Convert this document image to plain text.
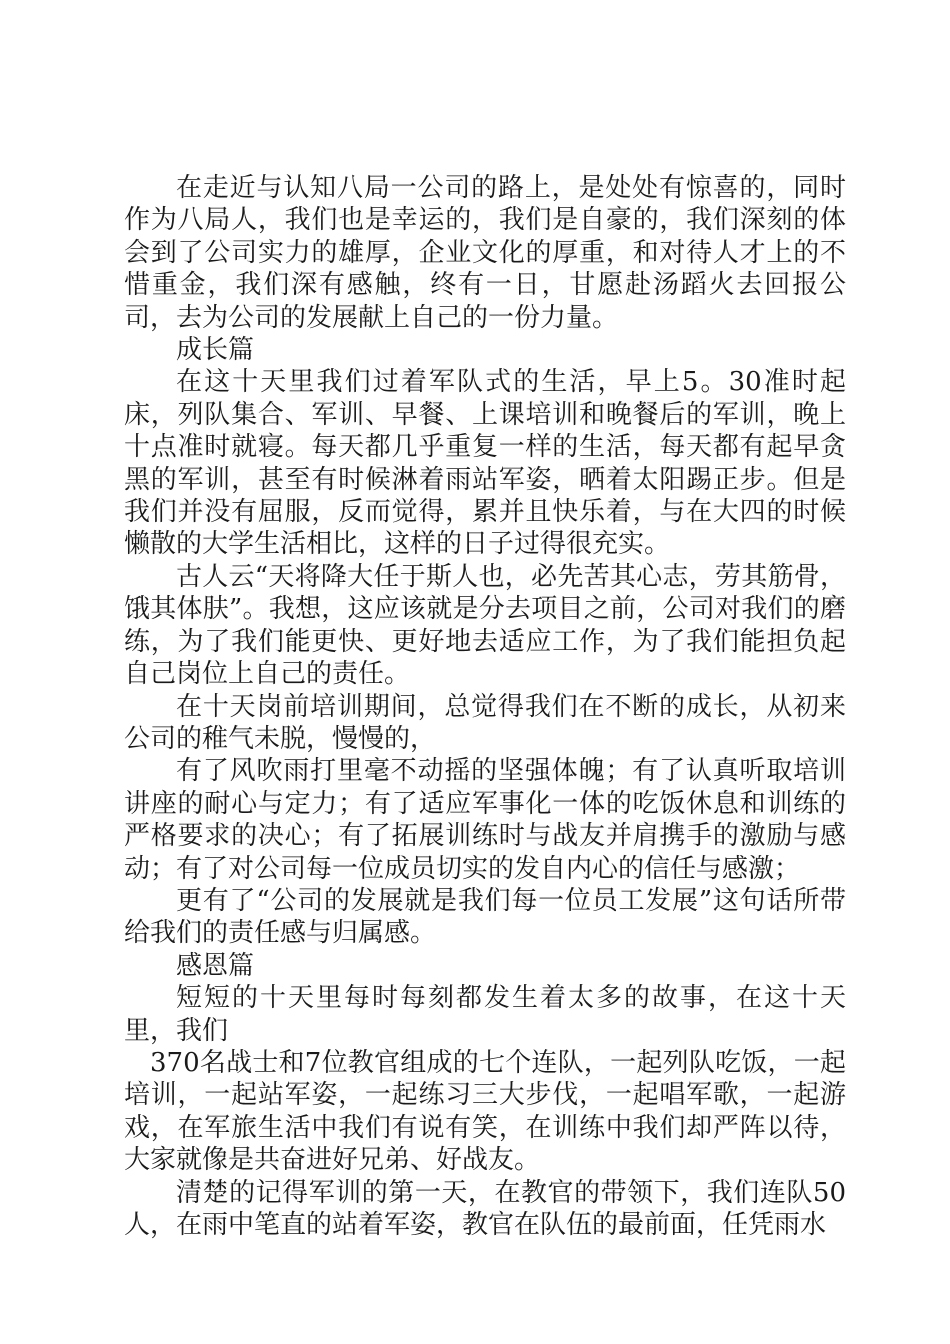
在走近与认知八局一公司的路上，是处处有惊喜的，同时作为八局人，我们也是幸运的，我们是自豪的，我们深刻的体会到了公司实力的雄厚，企业文化的厚重，和对待人才上的不惜重金，我们深有感触，终有一日，甘愿赴汤蹈火去回报公司，去为公司的发展献上自己的一份力量。

成长篇

在这十天里我们过着军队式的生活，早上5。30准时起床，列队集合、军训、早餐、上课培训和晚餐后的军训，晚上十点准时就寝。每天都几乎重复一样的生活，每天都有起早贪黑的军训，甚至有时候淋着雨站军姿，晒着太阳踢正步。但是我们并没有屈服，反而觉得，累并且快乐着，与在大四的时候懒散的大学生活相比，这样的日子过得很充实。

古人云“天将降大任于斯人也，必先苦其心志，劳其筋骨，饿其体肤”。我想，这应该就是分去项目之前，公司对我们的磨练，为了我们能更快、更好地去适应工作，为了我们能担负起自己岗位上自己的责任。

在十天岗前培训期间，总觉得我们在不断的成长，从初来公司的稚气未脱，慢慢的，

有了风吹雨打里毫不动摇的坚强体魄；有了认真听取培训讲座的耐心与定力；有了适应军事化一体的吃饭休息和训练的严格要求的决心；有了拓展训练时与战友并肩携手的激励与感动；有了对公司每一位成员切实的发自内心的信任与感激；

更有了“公司的发展就是我们每一位员工发展”这句话所带给我们的责任感与归属感。

感恩篇

短短的十天里每时每刻都发生着太多的故事，在这十天里，我们

370名战士和7位教官组成的七个连队，一起列队吃饭，一起培训，一起站军姿，一起练习三大步伐，一起唱军歌，一起游戏，在军旅生活中我们有说有笑，在训练中我们却严阵以待，大家就像是共奋进好兄弟、好战友。

清楚的记得军训的第一天，在教官的带领下，我们连队50人，在雨中笔直的站着军姿，教官在队伍的最前面，任凭雨水
